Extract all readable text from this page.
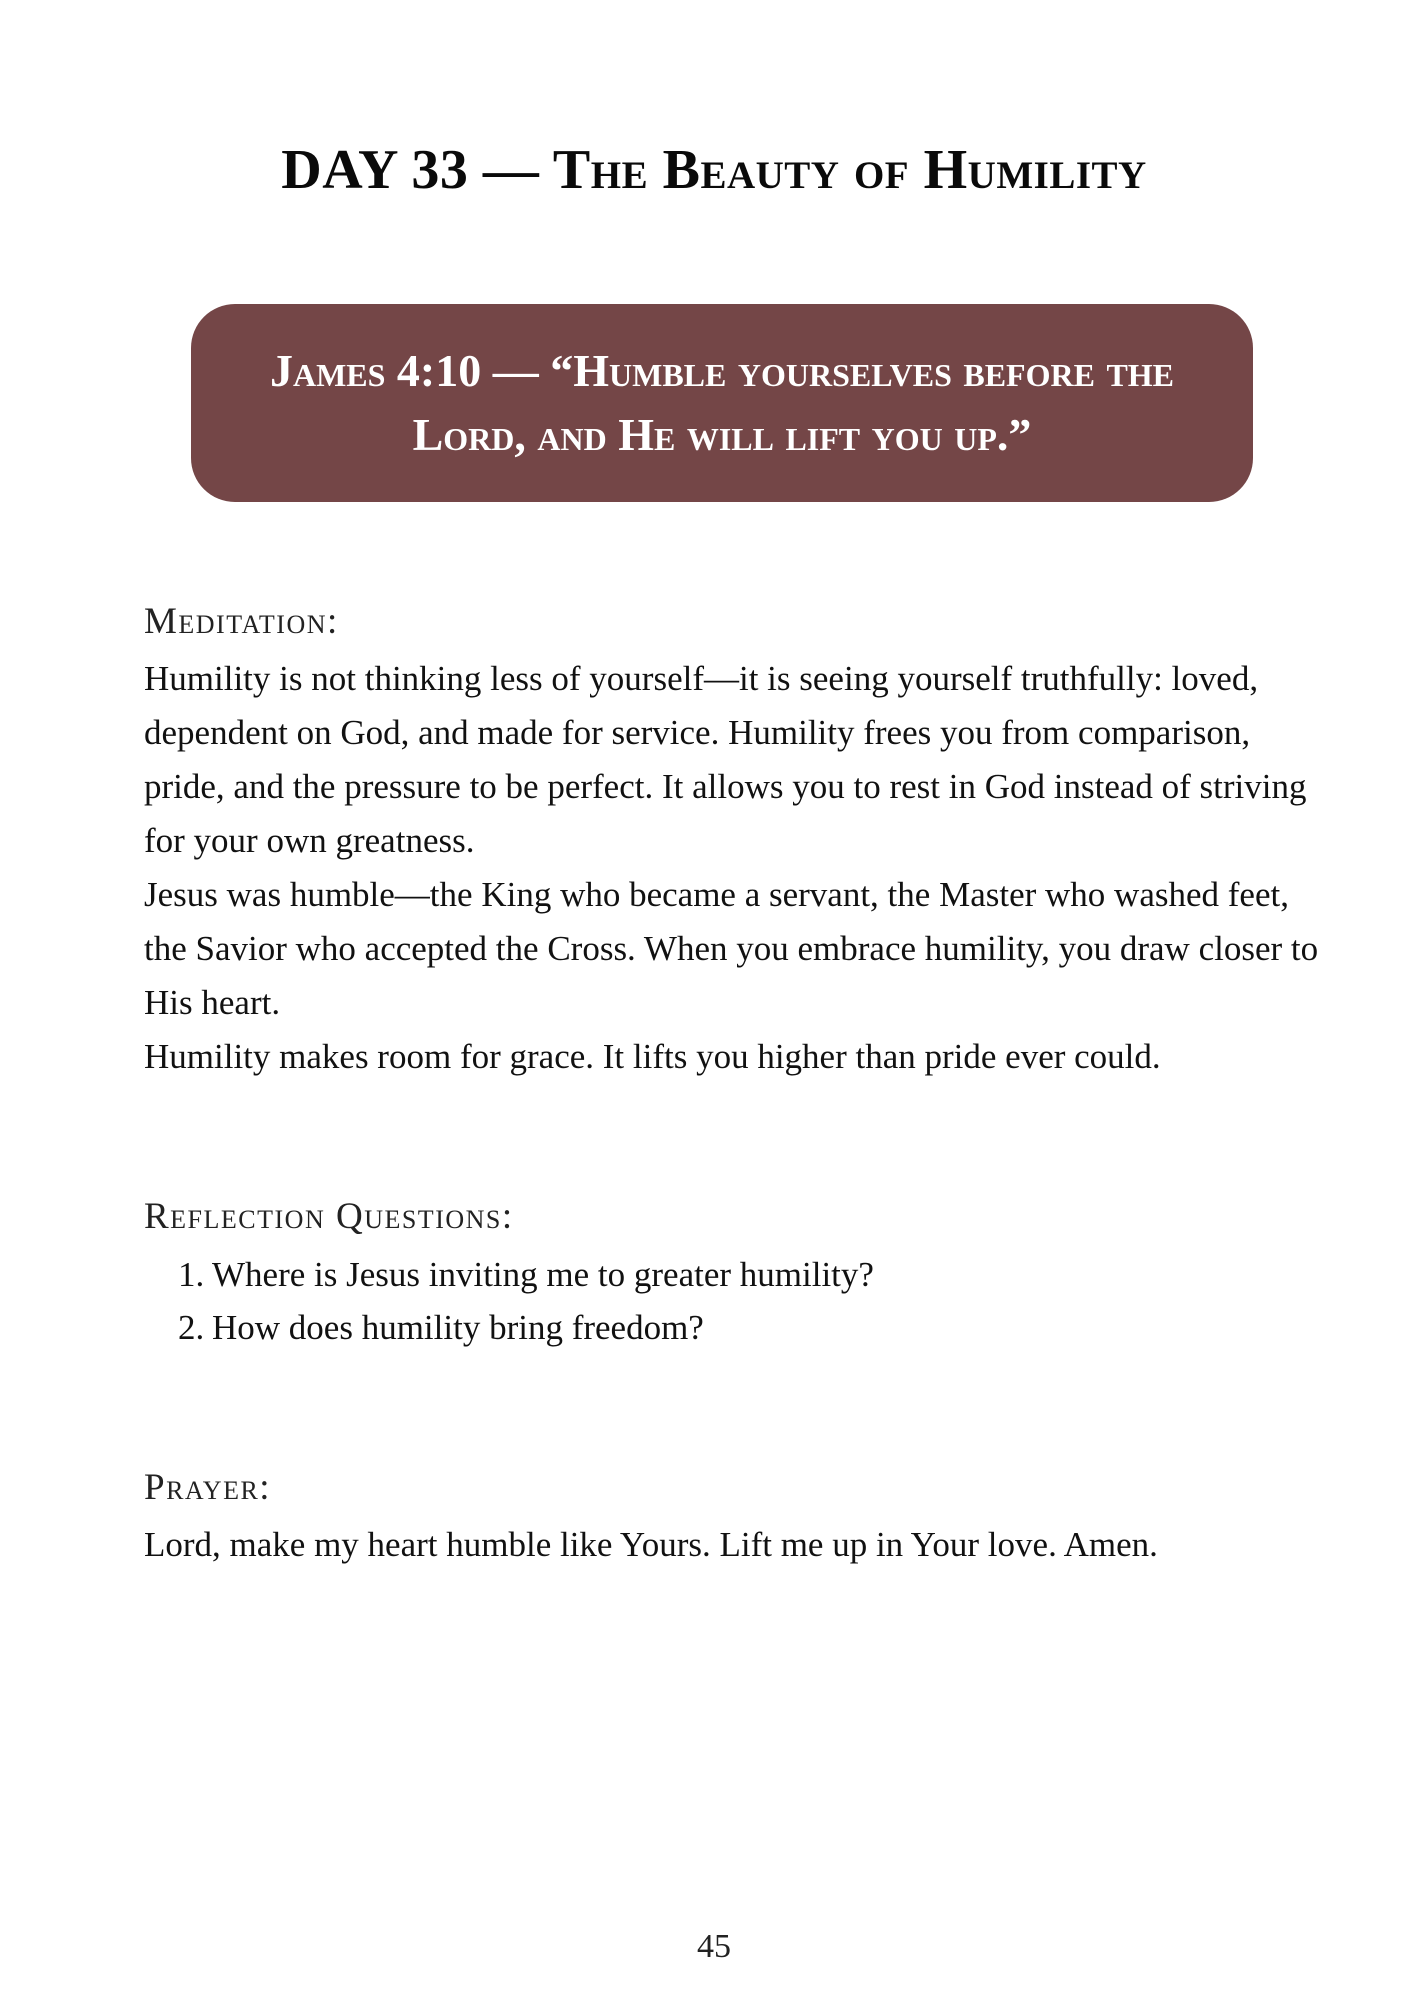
DAY 33 — The Beauty of Humility

James 4:10 — “Humble yourselves before the Lord, and He will lift you up.”

Meditation:

Humility is not thinking less of yourself—it is seeing yourself truthfully: loved, dependent on God, and made for service. Humility frees you from comparison, pride, and the pressure to be perfect. It allows you to rest in God instead of striving for your own greatness.

Jesus was humble—the King who became a servant, the Master who washed feet, the Savior who accepted the Cross. When you embrace humility, you draw closer to His heart.

Humility makes room for grace. It lifts you higher than pride ever could.

Reflection Questions:
1. Where is Jesus inviting me to greater humility?
2. How does humility bring freedom?
Prayer:

Lord, make my heart humble like Yours. Lift me up in Your love. Amen.

45
